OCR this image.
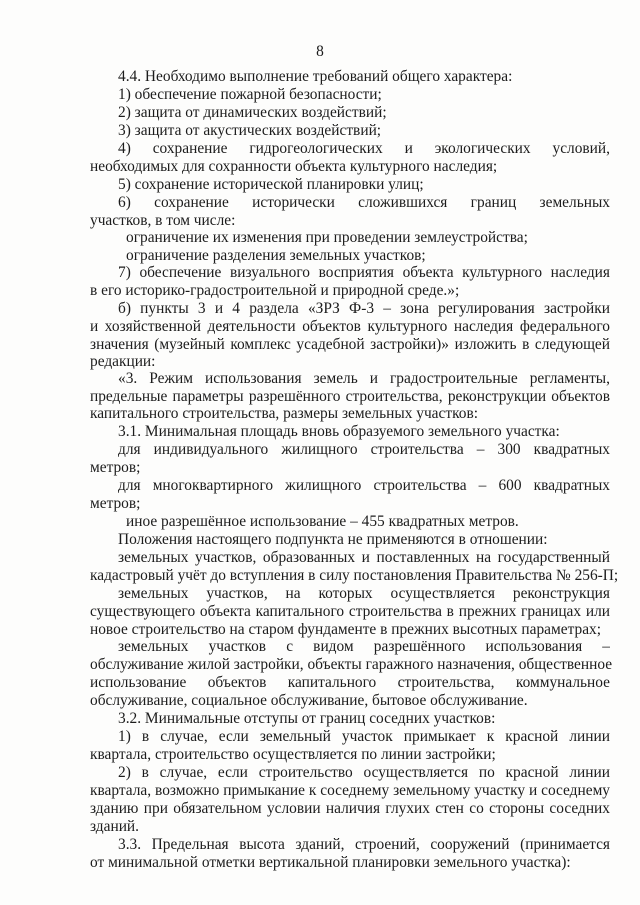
8
4.4. Необходимо выполнение требований общего характера:
1) обеспечение пожарной безопасности;
2) защита от динамических воздействий;
3) защита от акустических воздействий;
4) сохранение гидрогеологических и экологических условий,
необходимых для сохранности объекта культурного наследия;
5) сохранение исторической планировки улиц;
6) сохранение исторически сложившихся границ земельных
участков, в том числе:
ограничение их изменения при проведении землеустройства;
ограничение разделения земельных участков;
7) обеспечение визуального восприятия объекта культурного наследия
в его историко-градостроительной и природной среде.»;
б) пункты 3 и 4 раздела «ЗРЗ Ф-3 – зона регулирования застройки
и хозяйственной деятельности объектов культурного наследия федерального
значения (музейный комплекс усадебной застройки)» изложить в следующей
редакции:
«3. Режим использования земель и градостроительные регламенты,
предельные параметры разрешённого строительства, реконструкции объектов
капитального строительства, размеры земельных участков:
3.1. Минимальная площадь вновь образуемого земельного участка:
для индивидуального жилищного строительства – 300 квадратных
метров;
для многоквартирного жилищного строительства – 600 квадратных
метров;
иное разрешённое использование – 455 квадратных метров.
Положения настоящего подпункта не применяются в отношении:
земельных участков, образованных и поставленных на государственный
кадастровый учёт до вступления в силу постановления Правительства № 256-П;
земельных участков, на которых осуществляется реконструкция
существующего объекта капитального строительства в прежних границах или
новое строительство на старом фундаменте в прежних высотных параметрах;
земельных участков с видом разрешённого использования –
обслуживание жилой застройки, объекты гаражного назначения, общественное
использование объектов капитального строительства, коммунальное
обслуживание, социальное обслуживание, бытовое обслуживание.
3.2. Минимальные отступы от границ соседних участков:
1) в случае, если земельный участок примыкает к красной линии
квартала, строительство осуществляется по линии застройки;
2) в случае, если строительство осуществляется по красной линии
квартала, возможно примыкание к соседнему земельному участку и соседнему
зданию при обязательном условии наличия глухих стен со стороны соседних
зданий.
3.3. Предельная высота зданий, строений, сооружений (принимается
от минимальной отметки вертикальной планировки земельного участка):
